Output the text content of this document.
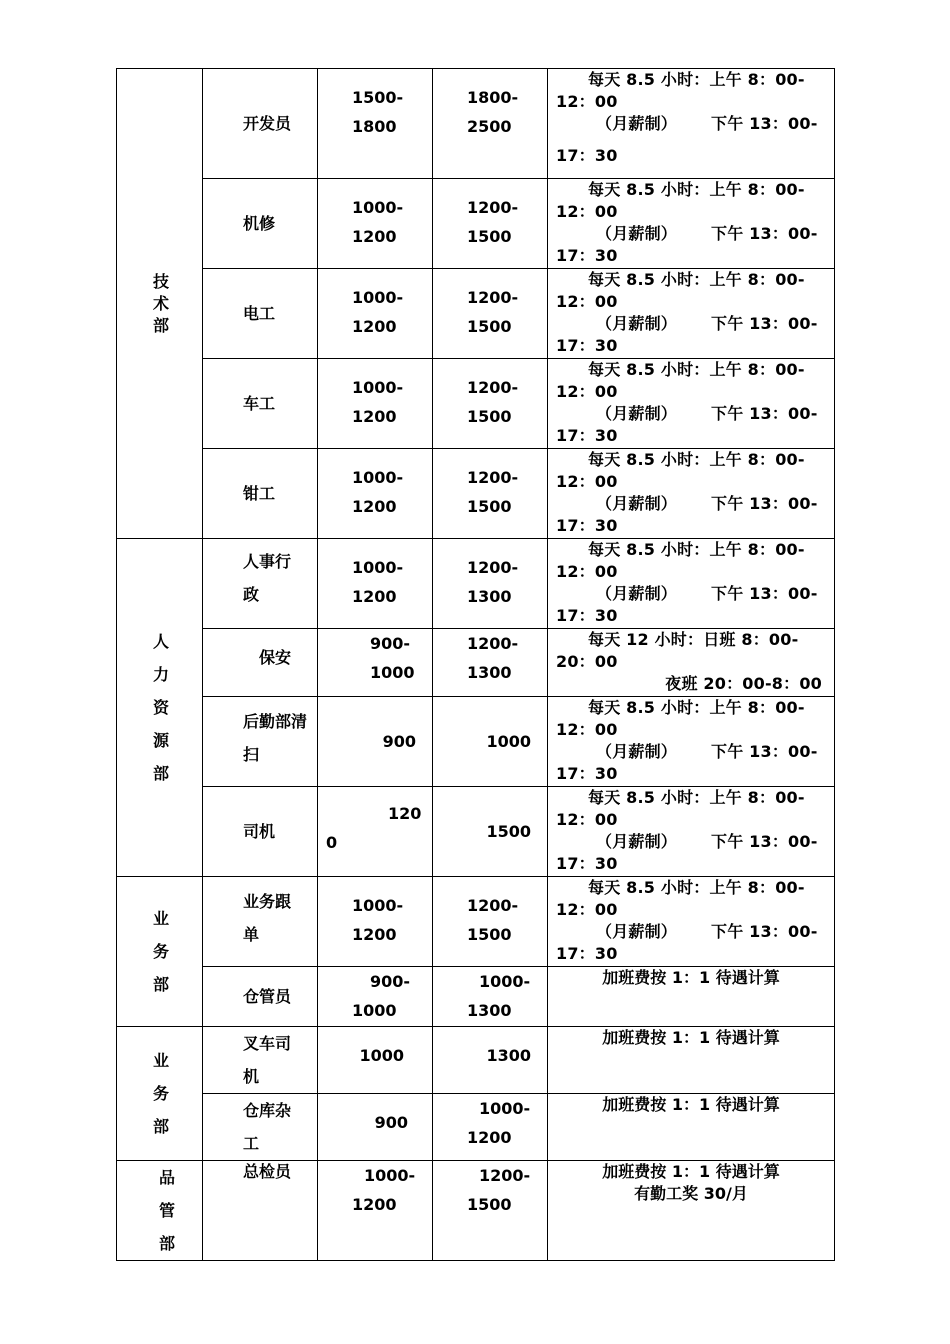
技术部	开发员	1500-1800	1800-2500	每天 8.5 小时：上午 8：00-
12：00
（月薪制） 下午 13：00-
17：30

	机修	1000-1200	1200-1500	每天 8.5 小时：上午 8：00-
12：00
（月薪制） 下午 13：00-
17：30

	电工	1000-1200	1200-1500	每天 8.5 小时：上午 8：00-
12：00
（月薪制） 下午 13：00-
17：30

	车工	1000-1200	1200-1500	每天 8.5 小时：上午 8：00-
12：00
（月薪制） 下午 13：00-
17：30

	钳工	1000-1200	1200-1500	每天 8.5 小时：上午 8：00-
12：00
（月薪制） 下午 13：00-
17：30

人力资源部	人事行政	1000-1200	1200-1300	每天 8.5 小时：上午 8：00-
12：00
（月薪制） 下午 13：00-
17：30

	保安	900-1000	1200-1300	每天 12 小时：日班 8：00-
20：00
夜班 20：00-8：00

	后勤部清扫	900	1000	每天 8.5 小时：上午 8：00-
12：00
（月薪制） 下午 13：00-
17：30

	司机	1200	1500	每天 8.5 小时：上午 8：00-
12：00
（月薪制） 下午 13：00-
17：30

业务部	业务跟单	1000-1200	1200-1500	每天 8.5 小时：上午 8：00-
12：00
（月薪制） 下午 13：00-
17：30

	仓管员	900-1000	1000-1300	加班费按 1：1 待遇计算

业务部	叉车司机	1000	1300	加班费按 1：1 待遇计算

	仓库杂工	900	1000-1200	加班费按 1：1 待遇计算

品管部	总检员	1000-1200	1200-1500	加班费按 1：1 待遇计算
有勤工奖 30/月
